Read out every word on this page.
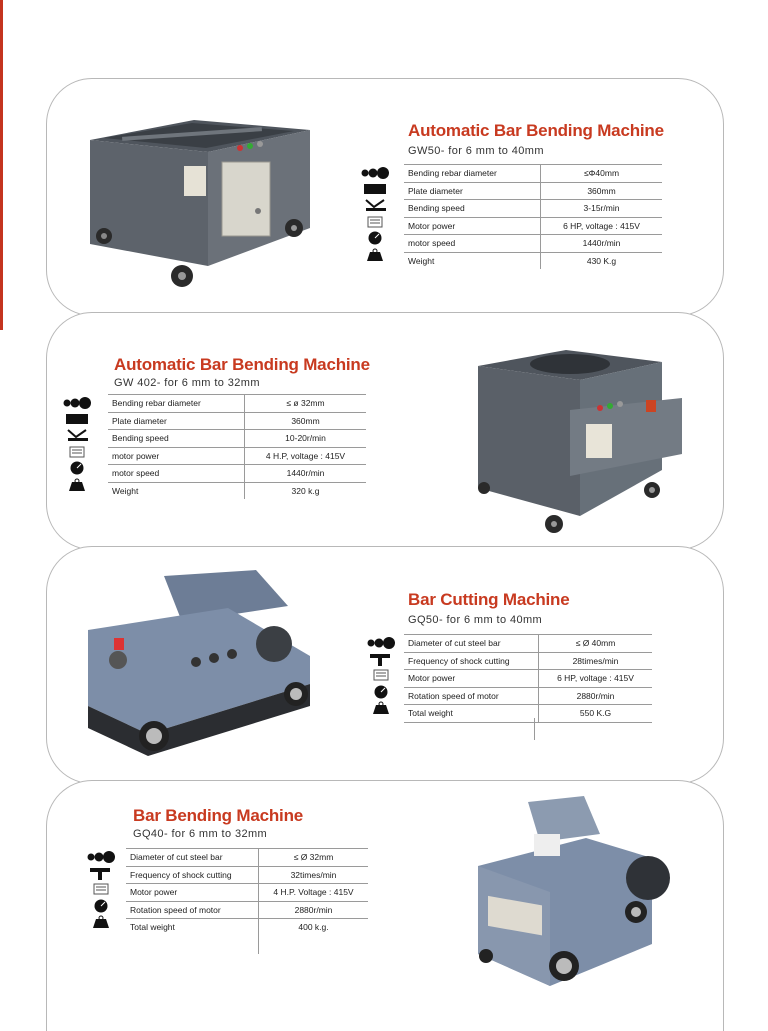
Automatic Bar Bending Machine
GW50- for 6 mm to 40mm
Bending rebar diameter	≤Φ40mm
Plate diameter	360mm
Bending speed	3-15r/min
Motor power	6 HP, voltage : 415V
motor speed	1440r/min
Weight	430 K.g
Automatic Bar Bending Machine
GW 402- for 6 mm to 32mm
Bending rebar diameter	≤ ø 32mm
Plate diameter	360mm
Bending speed	10-20r/min
motor power	4 H.P, voltage : 415V
motor speed	1440r/min
Weight	320 k.g
Bar Cutting Machine
GQ50- for 6 mm to 40mm
Diameter of cut steel bar	≤ Ø 40mm
Frequency of shock cutting	28times/min
Motor power	6 HP, voltage : 415V
Rotation speed of motor	2880r/min
Total weight	550 K.G
Bar Bending Machine
GQ40- for 6 mm to 32mm
Diameter of cut steel bar	≤ Ø 32mm
Frequency of shock cutting	32times/min
Motor power	4 H.P. Voltage : 415V
Rotation speed of motor	2880r/min
Total weight	400 k.g.
